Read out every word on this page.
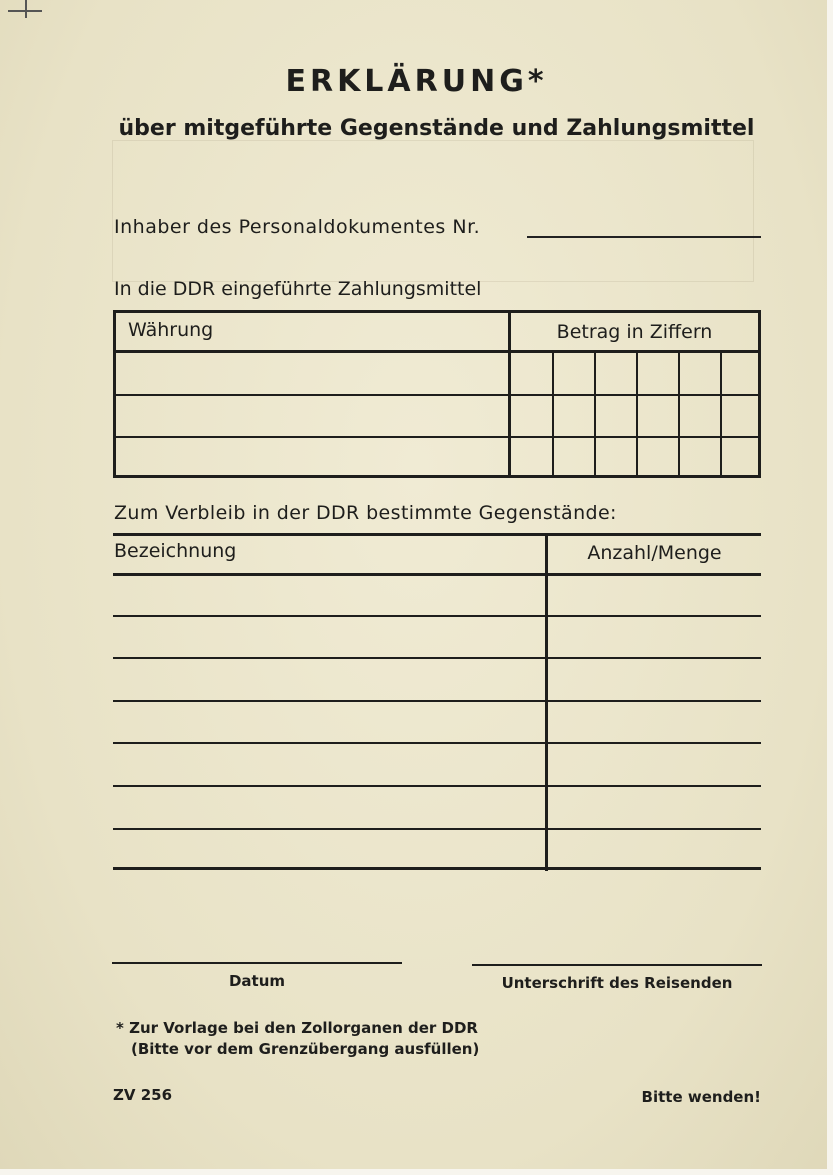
ERKLÄRUNG*
über mitgeführte Gegenstände und Zahlungsmittel
Inhaber des Personaldokumentes Nr.
In die DDR eingeführte Zahlungsmittel
Währung	Betrag in Ziffern
Zum Verbleib in der DDR bestimmte Gegenstände:
Bezeichnung	Anzahl/Menge
Datum	Unterschrift des Reisenden
* Zur Vorlage bei den Zollorganen der DDR
(Bitte vor dem Grenzübergang ausfüllen)
ZV 256	Bitte wenden!
